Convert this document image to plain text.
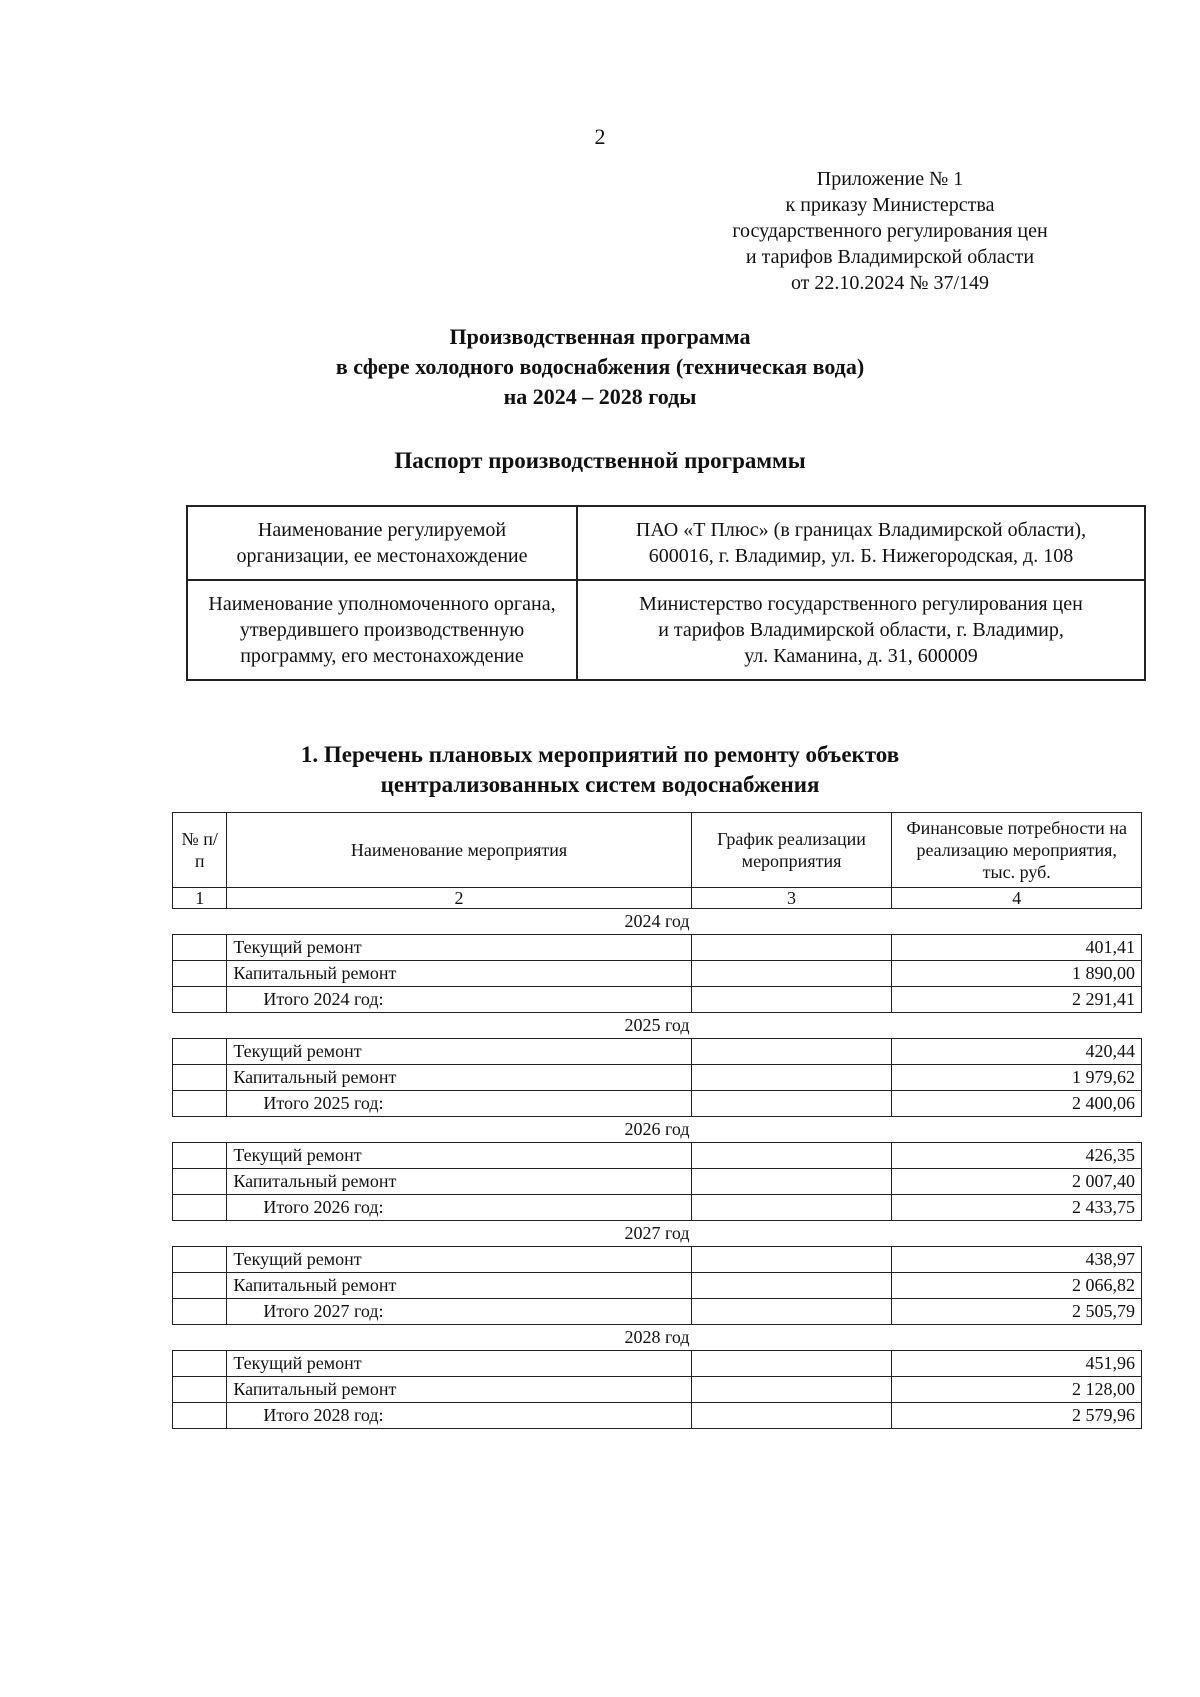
2
Приложение № 1
к приказу Министерства
государственного регулирования цен
и тарифов Владимирской области
от 22.10.2024 № 37/149
Производственная программа
в сфере холодного водоснабжения (техническая вода)
на 2024 – 2028 годы
Паспорт производственной программы
Наименование регулируемой организации, ее местонахождение	ПАО «Т Плюс» (в границах Владимирской области),
600016, г. Владимир, ул. Б. Нижегородская, д. 108

Наименование уполномоченного органа, утвердившего производственную программу, его местонахождение	Министерство государственного регулирования цен
и тарифов Владимирской области, г. Владимир,
ул. Каманина, д. 31, 600009
1. Перечень плановых мероприятий по ремонту объектов
централизованных систем водоснабжения
№ п/п	Наименование мероприятия	График реализации мероприятия	Финансовые потребности на реализацию мероприятия, тыс. руб.
1	2	3	4
2024 год			
	Текущий ремонт		401,41
	Капитальный ремонт		1 890,00
	Итого 2024 год:		2 291,41
2025 год			
	Текущий ремонт		420,44
	Капитальный ремонт		1 979,62
	Итого 2025 год:		2 400,06
2026 год			
	Текущий ремонт		426,35
	Капитальный ремонт		2 007,40
	Итого 2026 год:		2 433,75
2027 год			
	Текущий ремонт		438,97
	Капитальный ремонт		2 066,82
	Итого 2027 год:		2 505,79
2028 год			
	Текущий ремонт		451,96
	Капитальный ремонт		2 128,00
	Итого 2028 год:		2 579,96
